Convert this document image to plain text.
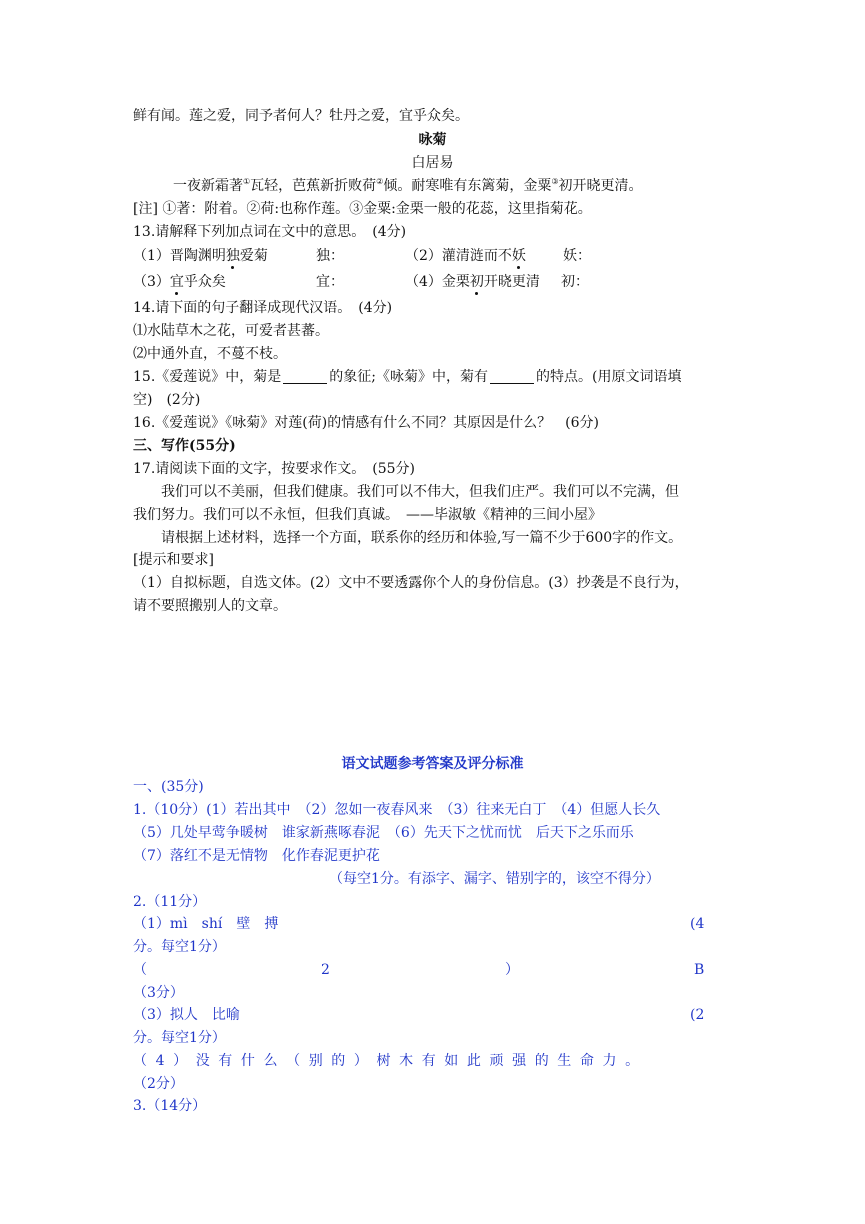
鲜有闻。莲之爱，同予者何人？牡丹之爱，宜乎众矣。
咏菊
白居易
一夜新霜著①瓦轻，芭蕉新折败荷②倾。耐寒唯有东篱菊，金粟③初开晓更清。
[注] ①著：附着。②荷:也称作莲。③金粟:金栗一般的花蕊，这里指菊花。
13.请解释下列加点词在文中的意思。　(4分)
（1）晋陶渊明独爱菊	独：	（2）灌清涟而不妖	妖：
（3）宜乎众矣	宜：	（4）金栗初开晓更清 初：
14.请下面的句子翻译成现代汉语。　(4分)
⑴水陆草木之花，可爱者甚蕃。
⑵中通外直，不蔓不枝。
15.《爱莲说》中，菊是	的象征;《咏菊》中，菊有	的特点。(用原文词语填
空)　(2分)
16.《爱莲说》《咏菊》对莲(荷)的情感有什么不同？其原因是什么？　(6分)
三、写作(55分)
17.请阅读下面的文字，按要求作文。　(55分)
我们可以不美丽，但我们健康。我们可以不伟大，但我们庄严。我们可以不完满，但
我们努力。我们可以不永恒，但我们真诚。　——毕淑敏《精神的三间小屋》
请根据上述材料，选择一个方面，联系你的经历和体验,写一篇不少于600字的作文。
[提示和要求]
（1）自拟标题，自选文体。(2）文中不要透露你个人的身份信息。(3）抄袭是不良行为，
请不要照搬别人的文章。
语文试题参考答案及评分标准
一、(35分)
1.（10分）(1）若出其中　（2）忽如一夜春风来　（3）往来无白丁　（4）但愿人长久
（5）几处早莺争暖树　谁家新燕啄春泥　（6）先天下之忧而忧　后天下之乐而乐
（7）落红不是无情物　化作春泥更护花
（每空1分。有添字、漏字、错别字的，该空不得分）
2.（11分）
（1）mì　shí　壁　搏	(4
分。每空1分）
（	2	）	B
（3分）
（3）拟人　比喻	(2
分。每空1分）
（4）没有什么（别的）树木有如此顽强的生命力。
（2分）
3.（14分）
